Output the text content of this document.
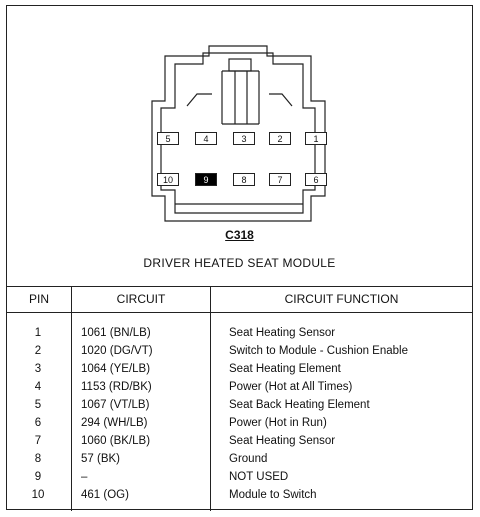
5	4	3	2	1
10	9	8	7	6
C318
DRIVER HEATED SEAT MODULE
PIN	CIRCUIT	CIRCUIT FUNCTION
1	1061 (BN/LB)	Seat Heating Sensor
2	1020 (DG/VT)	Switch to Module - Cushion Enable
3	1064 (YE/LB)	Seat Heating Element
4	1153 (RD/BK)	Power (Hot at All Times)
5	1067 (VT/LB)	Seat Back Heating Element
6	294 (WH/LB)	Power (Hot in Run)
7	1060 (BK/LB)	Seat Heating Sensor
8	57 (BK)	Ground
9	–	NOT USED
10	461 (OG)	Module to Switch
